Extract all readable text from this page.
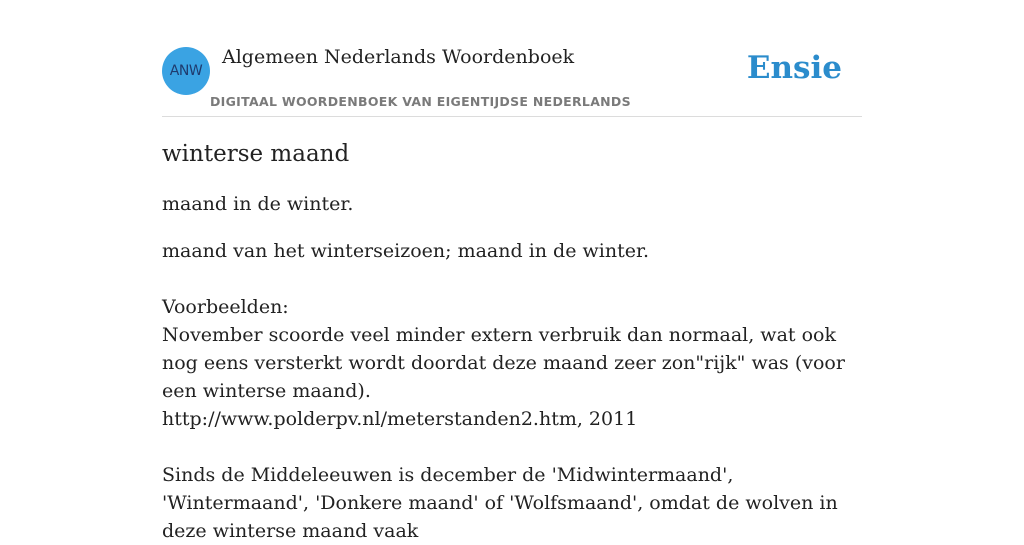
ANW
Algemeen Nederlands Woordenboek
DIGITAAL WOORDENBOEK VAN EIGENTIJDSE NEDERLANDS
Ensie
winterse maand

maand in de winter.

maand van het winterseizoen; maand in de winter.

Voorbeelden:

November scoorde veel minder extern verbruik dan normaal, wat ook nog eens versterkt wordt doordat deze maand zeer zon"rijk" was (voor een winterse maand).

http://www.polderpv.nl/meterstanden2.htm, 2011

Sinds de Middeleeuwen is december de 'Midwintermaand', 'Wintermaand', 'Donkere maand' of 'Wolfsmaand', omdat de wolven in deze winterse maand vaak
